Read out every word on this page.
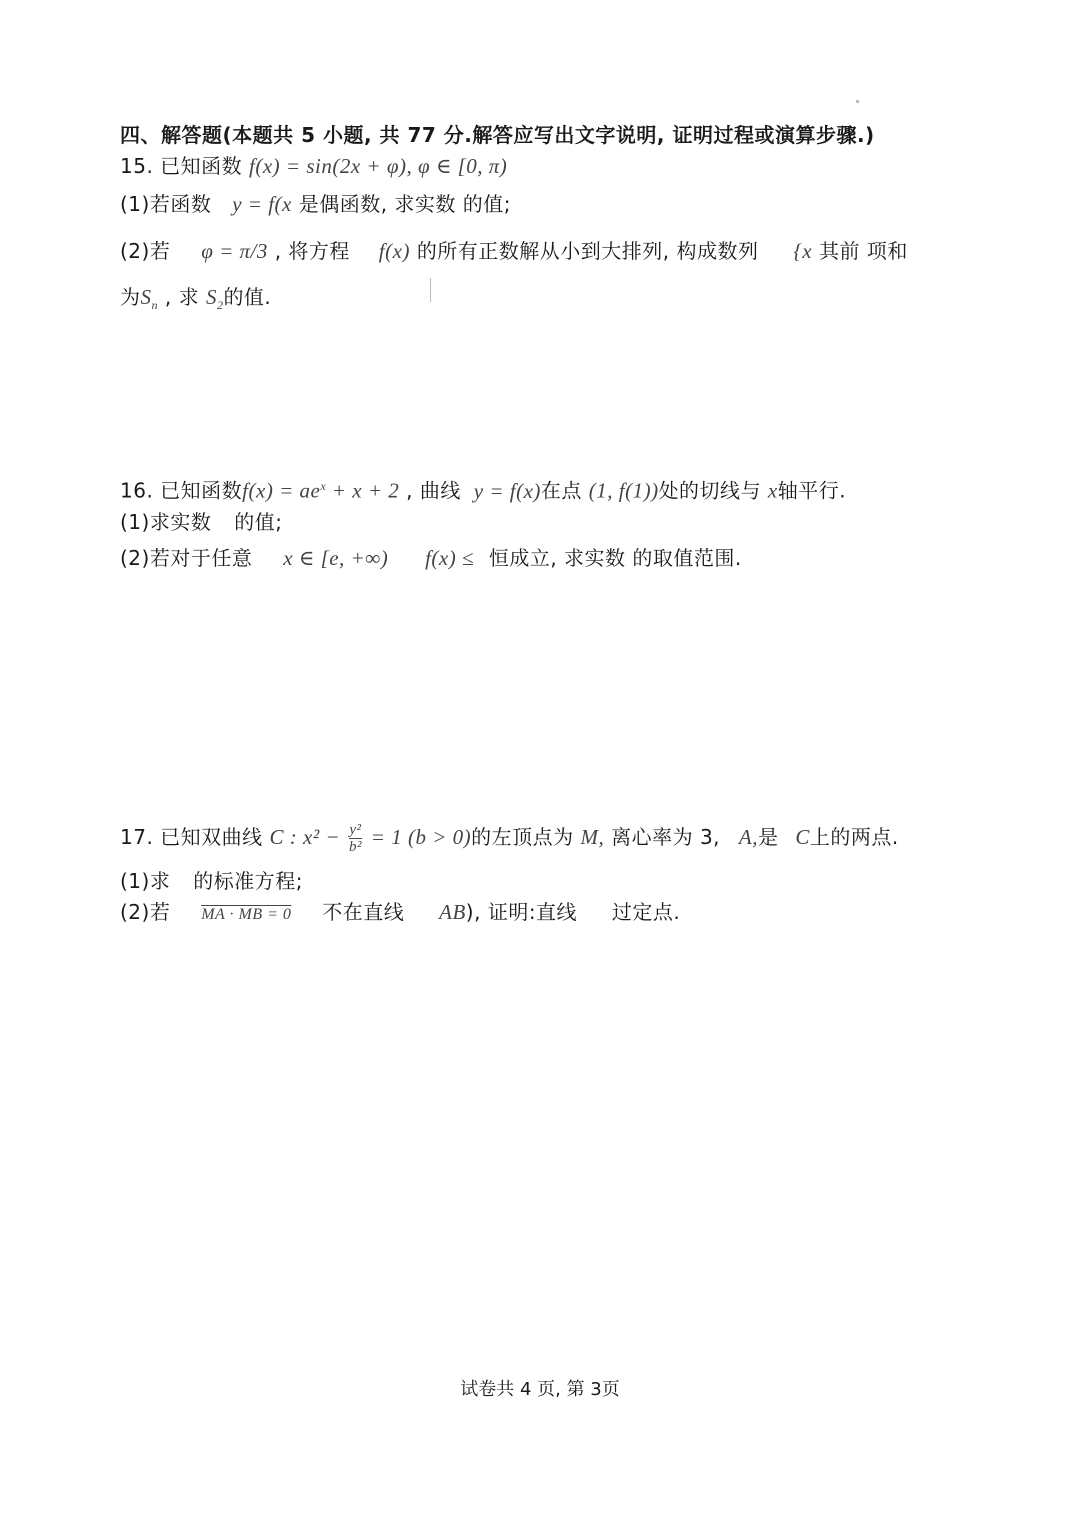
四、解答题(本题共 5 小题, 共 77 分.解答应写出文字说明, 证明过程或演算步骤.)
15. 已知函数 f(x) = sin(2x + φ), φ ∈ [0, π)
(1)若函数 y = f(x 是偶函数, 求实数 的值;
(2)若 φ = π/3 , 将方程 f(x) 的所有正数解从小到大排列, 构成数列 {x 其前 项和
为$S_n$ , 求 $S_2$的值.
16. 已知函数$f(x) = ae^x + x + 2$ , 曲线 y = f(x)在点 (1, f(1))处的切线与 x轴平行.
(1)求实数 的值;
(2)若对于任意 x ∈ [e, +∞) f(x) ≤ 恒成立, 求实数 的取值范围.
17. 已知双曲线 C : $x^2 - \frac{\text{y²}}{\text{b²}} = 1$ (b > 0)的左顶点为 M, 离心率为 3, A,是 C上的两点.
(1)求 的标准方程;
(2)若 MA · MB = 0 不在直线 AB), 证明:直线 过定点.
试卷共 4 页, 第 3页
